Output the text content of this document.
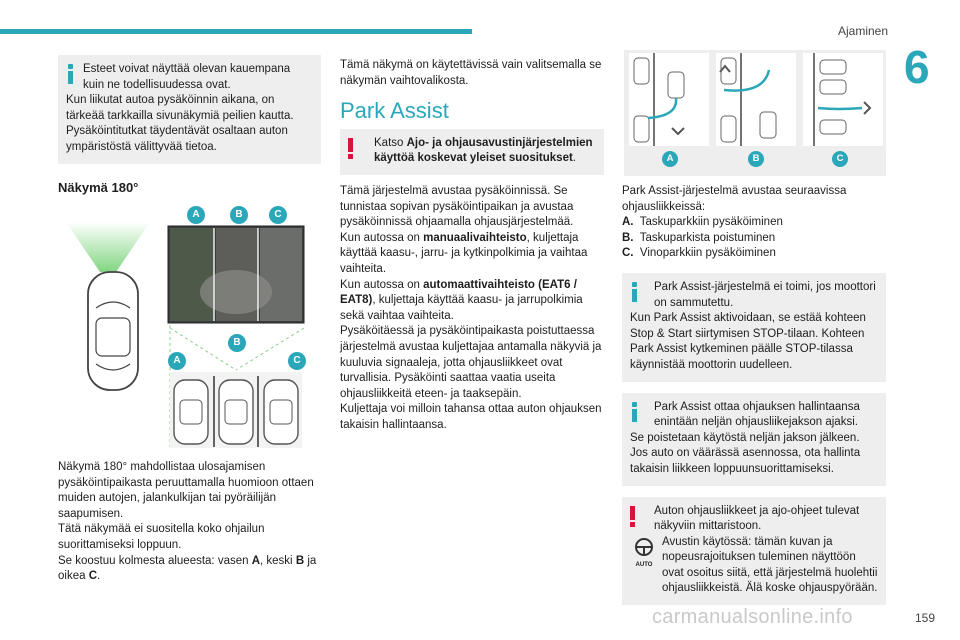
Ajaminen
6
159
carmanualsonline.info

Esteet voivat näyttää olevan kauempana kuin ne todellisuudessa ovat.

Kun liikutat autoa pysäköinnin aikana, on tärkeää tarkkailla sivunäkymiä peilien kautta.

Pysäköintitutkat täydentävät osaltaan auton ympäristöstä välittyvää tietoa.

Näkymä 180°
A	B	C
B
A	C

Näkymä 180° mahdollistaa ulosajamisen pysäköintipaikasta peruuttamalla huomioon ottaen muiden autojen, jalankulkijan tai pyöräilijän saapumisen.

Tätä näkymää ei suositella koko ohjailun suorittamiseksi loppuun.

Se koostuu kolmesta alueesta: vasen A, keski B ja oikea C.

Tämä näkymä on käytettävissä vain valitsemalla se näkymän vaihtovalikosta.

Park Assist

Katso Ajo- ja ohjausavustinjärjestelmien käyttöä koskevat yleiset suositukset.

Tämä järjestelmä avustaa pysäköinnissä. Se tunnistaa sopivan pysäköintipaikan ja avustaa pysäköinnissä ohjaamalla ohjausjärjestelmää.

Kun autossa on manuaalivaihteisto, kuljettaja käyttää kaasu-, jarru- ja kytkinpolkimia ja vaihtaa vaihteita.

Kun autossa on automaattivaihteisto (EAT6 / EAT8), kuljettaja käyttää kaasu- ja jarrupolkimia sekä vaihtaa vaihteita.

Pysäköitäessä ja pysäköintipaikasta poistuttaessa järjestelmä avustaa kuljettajaa antamalla näkyviä ja kuuluvia signaaleja, jotta ohjausliikkeet ovat turvallisia. Pysäköinti saattaa vaatia useita ohjausliikkeitä eteen- ja taaksepäin.

Kuljettaja voi milloin tahansa ottaa auton ohjauksen takaisin hallintaansa.

A	B	C

Park Assist-järjestelmä avustaa seuraavissa ohjausliikkeissä:

A. Taskuparkkiin pysäköiminen

B. Taskuparkista poistuminen

C. Vinoparkkiin pysäköiminen

Park Assist-järjestelmä ei toimi, jos moottori on sammutettu.

Kun Park Assist aktivoidaan, se estää kohteen Stop & Start siirtymisen STOP-tilaan. Kohteen Park Assist kytkeminen päälle STOP-tilassa käynnistää moottorin uudelleen.

Park Assist ottaa ohjauksen hallintaansa enintään neljän ohjausliikejakson ajaksi.

Se poistetaan käytöstä neljän jakson jälkeen. Jos auto on väärässä asennossa, ota hallinta takaisin liikkeen loppuunsuorittamiseksi.

Auton ohjausliikkeet ja ajo-ohjeet tulevat näkyviin mittaristoon.

AUTO

Avustin käytössä: tämän kuvan ja nopeusrajoituksen tuleminen näyttöön ovat osoitus siitä, että järjestelmä huolehtii ohjausliikkeistä. Älä koske ohjauspyörään.
